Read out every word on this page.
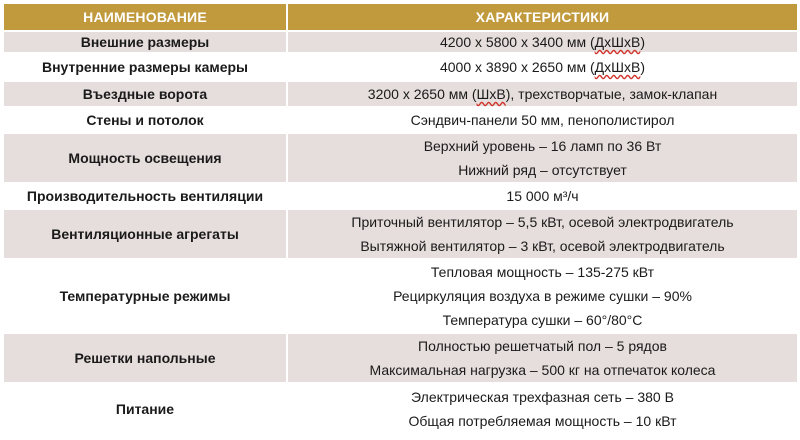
НАИМЕНОВАНИЕ	ХАРАКТЕРИСТИКИ
Внешние размеры	4200 х 5800 х 3400 мм (ДхШхВ)

Внутренние размеры камеры	4000 х 3890 х 2650 мм (ДхШхВ)

Въездные ворота	3200 х 2650 мм (ШхВ), трехстворчатые, замок-клапан

Стены и потолок	Сэндвич-панели 50 мм, пенополистирол

Мощность освещения	Верхний уровень – 16 ламп по 36 Вт
Нижний ряд – отсутствует

Производительность вентиляции	15 000 м³/ч

Вентиляционные агрегаты	Приточный вентилятор – 5,5 кВт, осевой электродвигатель
Вытяжной вентилятор – 3 кВт, осевой электродвигатель

Температурные режимы	Тепловая мощность – 135-275 кВт
Рециркуляция воздуха в режиме сушки – 90%
Температура сушки – 60°/80°C

Решетки напольные	Полностью решетчатый пол – 5 рядов
Максимальная нагрузка – 500 кг на отпечаток колеса

Питание	Электрическая трехфазная сеть – 380 В
Общая потребляемая мощность – 10 кВт
